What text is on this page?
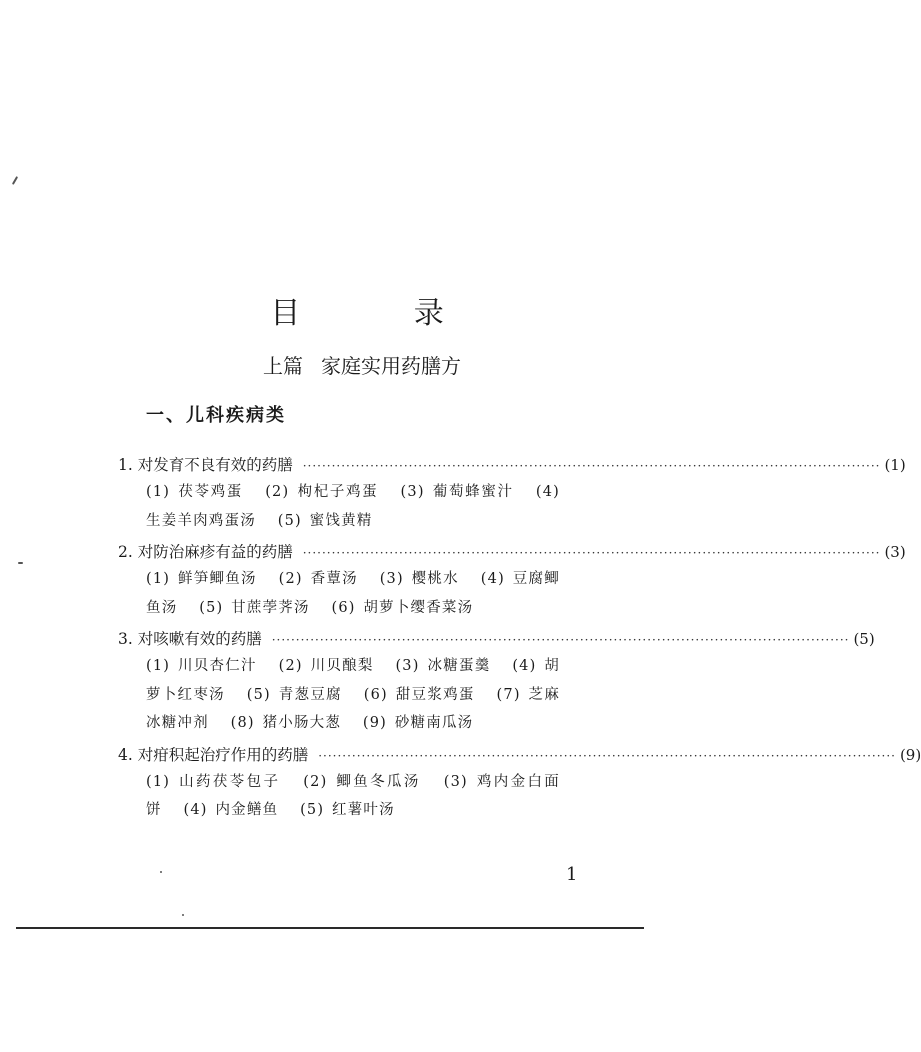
目 录
上篇 家庭实用药膳方
一、儿科疾病类
1. 对发育不良有效的药膳 ························································································································ (1)
(1) 茯苓鸡蛋 (2) 枸杞子鸡蛋 (3) 葡萄蜂蜜汁 (4) 生姜羊肉鸡蛋汤 (5) 蜜饯黄精
2. 对防治麻疹有益的药膳 ························································································································ (3)
(1) 鲜笋鲫鱼汤 (2) 香蕈汤 (3) 樱桃水 (4) 豆腐鲫鱼汤 (5) 甘蔗荸荠汤 (6) 胡萝卜缨香菜汤
3. 对咳嗽有效的药膳 ························································································································ (5)
(1) 川贝杏仁汁 (2) 川贝酿梨 (3) 冰糖蛋羹 (4) 胡萝卜红枣汤 (5) 青葱豆腐 (6) 甜豆浆鸡蛋 (7) 芝麻冰糖冲剂 (8) 猪小肠大葱 (9) 砂糖南瓜汤
4. 对疳积起治疗作用的药膳 ························································································································ (9)
(1) 山药茯苓包子 (2) 鲫鱼冬瓜汤 (3) 鸡内金白面饼 (4) 内金鳝鱼 (5) 红薯叶汤
1
